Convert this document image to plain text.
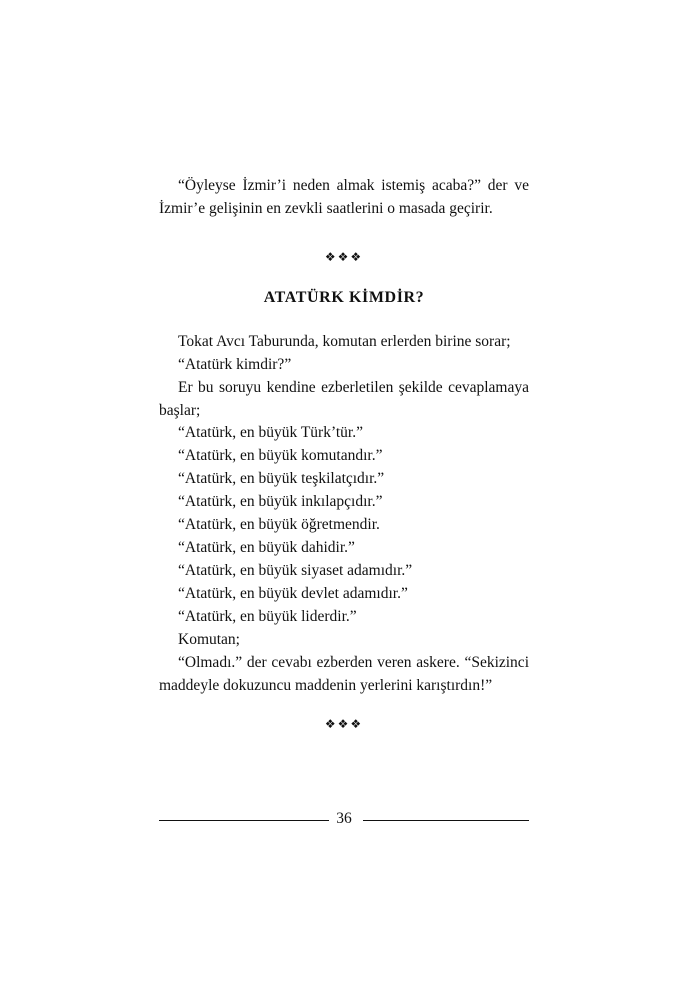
“Öyleyse İzmir’i neden almak istemiş acaba?” der ve İzmir’e gelişinin en zevkli saatlerini o masada geçirir.

❖❖❖
ATATÜRK KİMDİR?
Tokat Avcı Taburunda, komutan erlerden birine sorar;
“Atatürk kimdir?”

Er bu soruyu kendine ezberletilen şekilde cevaplamaya başlar;

“Atatürk, en büyük Türk’tür.”
“Atatürk, en büyük komutandır.”
“Atatürk, en büyük teşkilatçıdır.”
“Atatürk, en büyük inkılapçıdır.”
“Atatürk, en büyük öğretmendir.
“Atatürk, en büyük dahidir.”
“Atatürk, en büyük siyaset adamıdır.”
“Atatürk, en büyük devlet adamıdır.”
“Atatürk, en büyük liderdir.”
Komutan;

“Olmadı.” der cevabı ezberden veren askere. “Sekizinci maddeyle dokuzuncu maddenin yerlerini karıştırdın!”

❖❖❖
36
